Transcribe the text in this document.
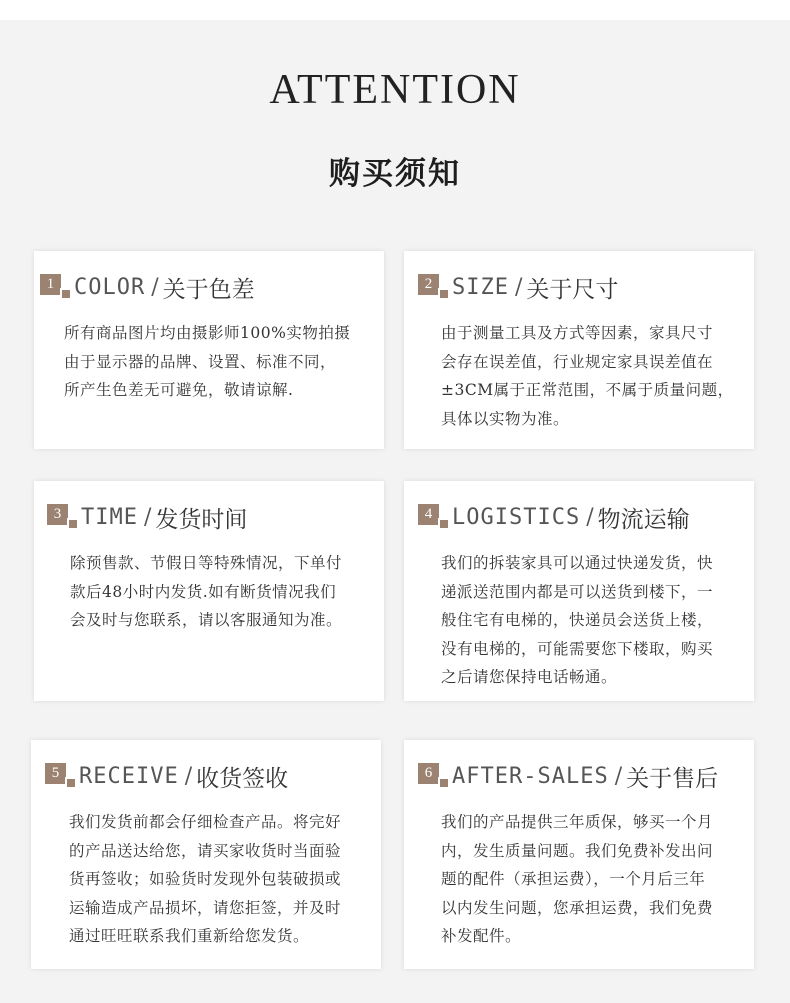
ATTENTION
购买须知
1 COLOR / 关于色差
所有商品图片均由摄影师100%实物拍摄
由于显示器的品牌、设置、标准不同，
所产生色差无可避免，敬请谅解.
2 SIZE / 关于尺寸
由于测量工具及方式等因素，家具尺寸
会存在误差值，行业规定家具误差值在
±3CM属于正常范围，不属于质量问题，
具体以实物为准。
3 TIME / 发货时间
除预售款、节假日等特殊情况，下单付
款后48小时内发货.如有断货情况我们
会及时与您联系，请以客服通知为准。
4 LOGISTICS / 物流运输
我们的拆装家具可以通过快递发货，快
递派送范围内都是可以送货到楼下，一
般住宅有电梯的，快递员会送货上楼，
没有电梯的，可能需要您下楼取，购买
之后请您保持电话畅通。
5 RECEIVE / 收货签收
我们发货前都会仔细检查产品。将完好
的产品送达给您，请买家收货时当面验
货再签收；如验货时发现外包装破损或
运输造成产品损坏，请您拒签，并及时
通过旺旺联系我们重新给您发货。
6 AFTER-SALES / 关于售后
我们的产品提供三年质保，够买一个月
内，发生质量问题。我们免费补发出问
题的配件（承担运费），一个月后三年
以内发生问题，您承担运费，我们免费
补发配件。
